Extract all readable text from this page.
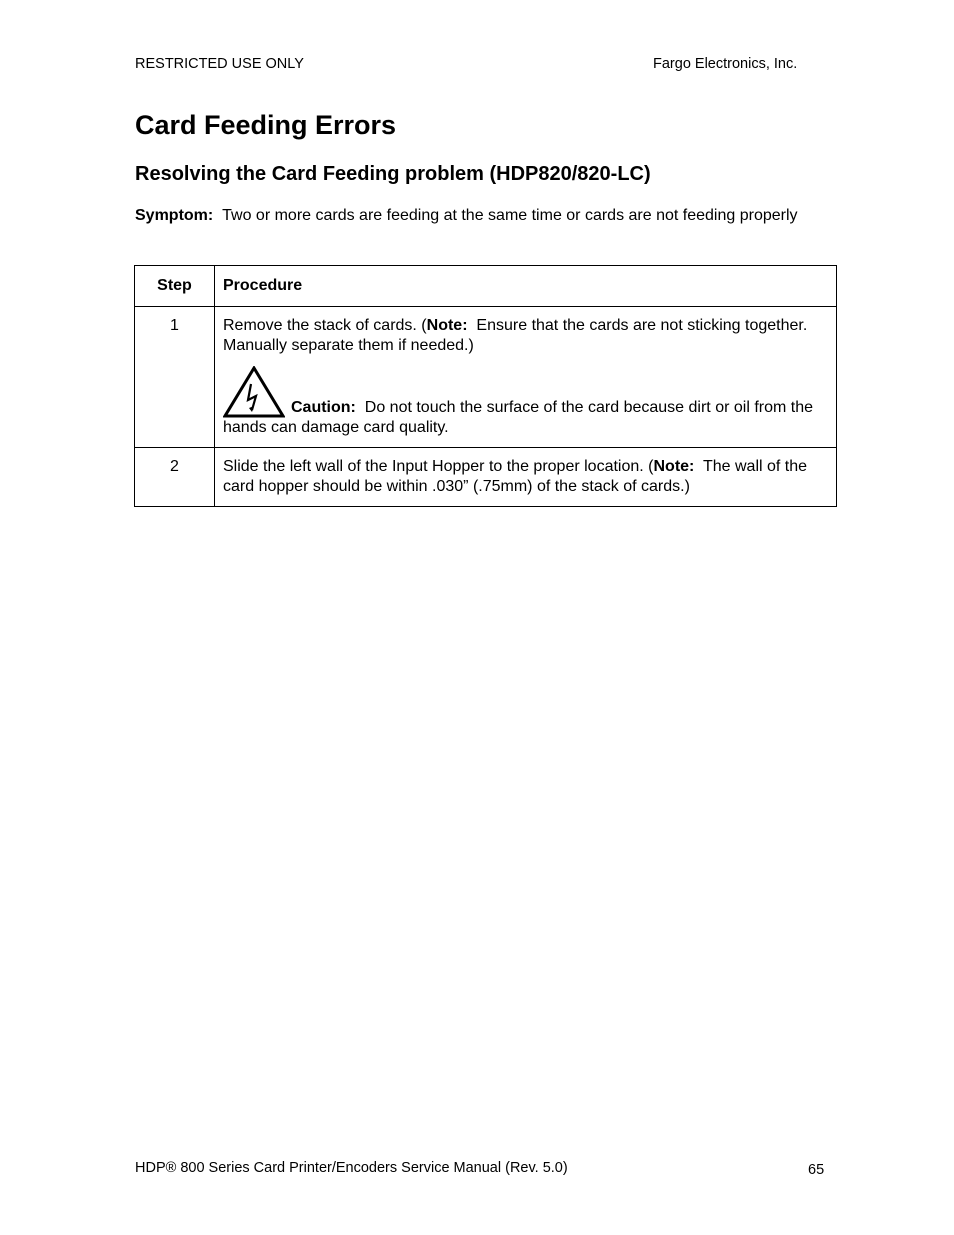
RESTRICTED USE ONLY	Fargo Electronics, Inc.
Card Feeding Errors
Resolving the Card Feeding problem (HDP820/820-LC)
Symptom: Two or more cards are feeding at the same time or cards are not feeding properly
Step	Procedure
1	Remove the stack of cards. (Note:  Ensure that the cards are not sticking together. Manually separate them if needed.)
Caution:  Do not touch the surface of the card because dirt or oil from the hands can damage card quality.

2	Slide the left wall of the Input Hopper to the proper location. (Note:  The wall of the card hopper should be within .030” (.75mm) of the stack of cards.)
HDP® 800 Series Card Printer/Encoders Service Manual (Rev. 5.0)	65
